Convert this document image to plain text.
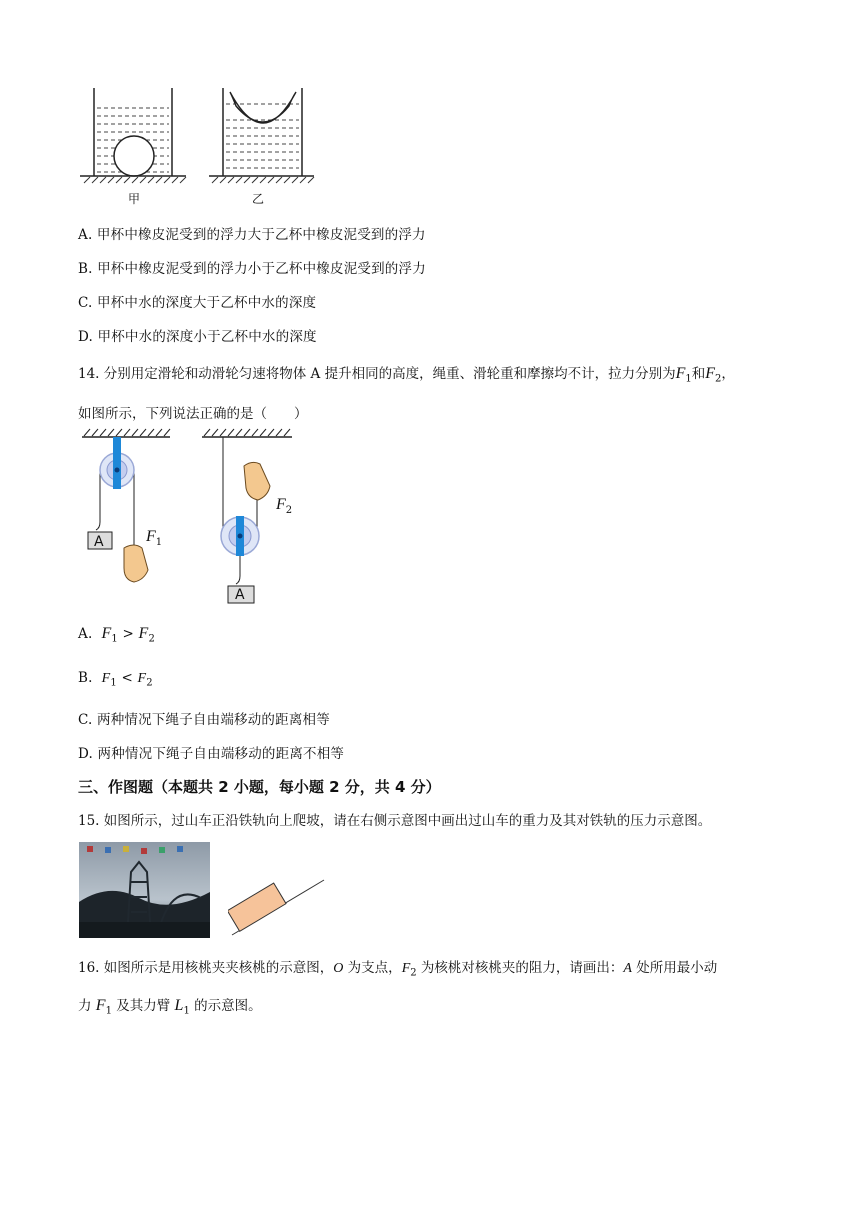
甲	乙
A. 甲杯中橡皮泥受到的浮力大于乙杯中橡皮泥受到的浮力
B. 甲杯中橡皮泥受到的浮力小于乙杯中橡皮泥受到的浮力
C. 甲杯中水的深度大于乙杯中水的深度
D. 甲杯中水的深度小于乙杯中水的深度
14. 分别用定滑轮和动滑轮匀速将物体 A 提升相同的高度，绳重、滑轮重和摩擦均不计，拉力分别为$F_1$和$F_2$，
如图所示，下列说法正确的是（　　）
A
A
$F_1$
$F_2$
A. $F_1 > F_2$
B. $F_1 < F_2$
C. 两种情况下绳子自由端移动的距离相等
D. 两种情况下绳子自由端移动的距离不相等
三、作图题（本题共 2 小题，每小题 2 分，共 4 分）
15. 如图所示，过山车正沿铁轨向上爬坡，请在右侧示意图中画出过山车的重力及其对铁轨的压力示意图。
16. 如图所示是用核桃夹夹核桃的示意图，O 为支点，$F_2$ 为核桃对核桃夹的阻力，请画出：A 处所用最小动
力 $F_1$ 及其力臂 $L_1$ 的示意图。
